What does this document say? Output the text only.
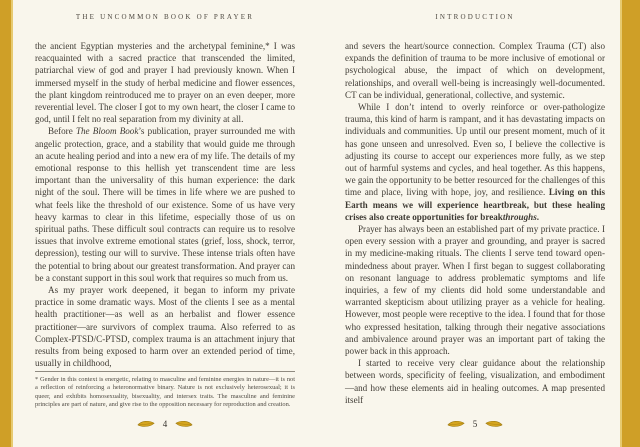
THE UNCOMMON BOOK OF PRAYER

the ancient Egyptian mysteries and the archetypal feminine,* I was reacquainted with a sacred practice that transcended the limited, patriarchal view of god and prayer I had previously known. When I immersed myself in the study of herbal medicine and flower essences, the plant kingdom reintroduced me to prayer on an even deeper, more reverential level. The closer I got to my own heart, the closer I came to god, until I felt no real separation from my divinity at all.

Before The Bloom Book’s publication, prayer surrounded me with angelic protection, grace, and a stability that would guide me through an acute healing period and into a new era of my life. The details of my emotional response to this hellish yet transcendent time are less important than the universality of this human experience: the dark night of the soul. There will be times in life where we are pushed to what feels like the threshold of our existence. Some of us have very heavy karmas to clear in this lifetime, especially those of us on spiritual paths. These difficult soul contracts can require us to resolve issues that involve extreme emotional states (grief, loss, shock, terror, depression), testing our will to survive. These intense trials often have the potential to bring about our greatest transformation. And prayer can be a constant support in this soul work that requires so much from us.

As my prayer work deepened, it began to inform my private practice in some dramatic ways. Most of the clients I see as a mental health practitioner—as well as an herbalist and flower essence practitioner—are survivors of complex trauma. Also referred to as Complex-PTSD/C-PTSD, complex trauma is an attachment injury that results from being exposed to harm over an extended period of time, usually in childhood,

* Gender in this context is energetic, relating to masculine and feminine energies in nature—it is not a reflection of reinforcing a heteronormative binary. Nature is not exclusively heterosexual; it is queer, and exhibits homosexuality, bisexuality, and intersex traits. The masculine and feminine principles are part of nature, and give rise to the opposition necessary for reproduction and creation.

4
INTRODUCTION

and severs the heart/source connection. Complex Trauma (CT) also expands the definition of trauma to be more inclusive of emotional or psychological abuse, the impact of which on development, relationships, and overall well-being is increasingly well-documented. CT can be individual, generational, collective, and systemic.

While I don’t intend to overly reinforce or over-pathologize trauma, this kind of harm is rampant, and it has devastating impacts on individuals and communities. Up until our present moment, much of it has gone unseen and unresolved. Even so, I believe the collective is adjusting its course to accept our experiences more fully, as we step out of harmful systems and cycles, and heal together. As this happens, we gain the opportunity to be better resourced for the challenges of this time and place, living with hope, joy, and resilience. Living on this Earth means we will experience heartbreak, but these healing crises also create opportunities for breakthroughs.

Prayer has always been an established part of my private practice. I open every session with a prayer and grounding, and prayer is sacred in my medicine-making rituals. The clients I serve tend toward open-mindedness about prayer. When I first began to suggest collaborating on resonant language to address problematic symptoms and life inquiries, a few of my clients did hold some understandable and warranted skepticism about utilizing prayer as a vehicle for healing. However, most people were receptive to the idea. I found that for those who expressed hesitation, talking through their negative associations and ambivalence around prayer was an important part of taking the power back in this approach.

I started to receive very clear guidance about the relationship between words, specificity of feeling, visualization, and embodiment—and how these elements aid in healing outcomes. A map presented itself

5
